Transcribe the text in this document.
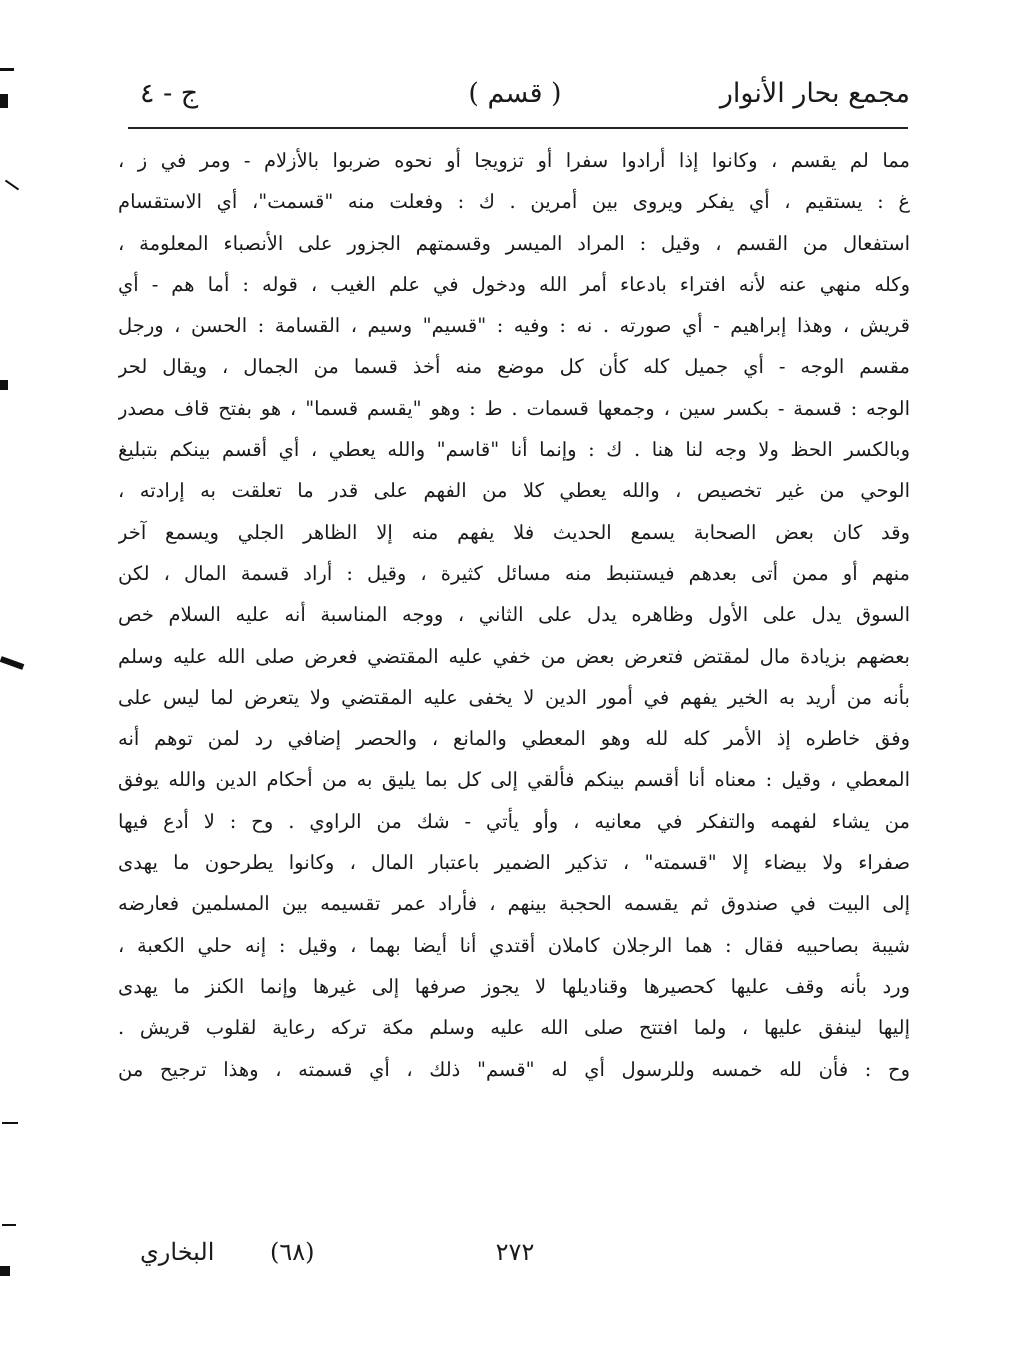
مجمع بحار الأنوار
( قسم )
ج - ٤
مما لم يقسم ، وكانوا إذا أرادوا سفرا أو تزويجا أو نحوه ضربوا بالأزلام - ومر في ز ،
غ : يستقيم ، أي يفكر ويروى بين أمرين . ك : وفعلت منه "قسمت"، أي الاستقسام
استفعال من القسم ، وقيل : المراد الميسر وقسمتهم الجزور على الأنصباء المعلومة ،
وكله منهي عنه لأنه افتراء بادعاء أمر الله ودخول في علم الغيب ، قوله : أما هم - أي
قريش ، وهذا إبراهيم - أي صورته . نه : وفيه : "قسيم" وسيم ، القسامة : الحسن ، ورجل
مقسم الوجه - أي جميل كله كأن كل موضع منه أخذ قسما من الجمال ، ويقال لحر
الوجه : قسمة - بكسر سين ، وجمعها قسمات . ط : وهو "يقسم قسما" ، هو بفتح قاف مصدر
وبالكسر الحظ ولا وجه لنا هنا . ك : وإنما أنا "قاسم" والله يعطي ، أي أقسم بينكم بتبليغ
الوحي من غير تخصيص ، والله يعطي كلا من الفهم على قدر ما تعلقت به إرادته ،
وقد كان بعض الصحابة يسمع الحديث فلا يفهم منه إلا الظاهر الجلي ويسمع آخر
منهم أو ممن أتى بعدهم فيستنبط منه مسائل كثيرة ، وقيل : أراد قسمة المال ، لكن
السوق يدل على الأول وظاهره يدل على الثاني ، ووجه المناسبة أنه عليه السلام خص
بعضهم بزيادة مال لمقتض فتعرض بعض من خفي عليه المقتضي فعرض صلى الله عليه وسلم
بأنه من أريد به الخير يفهم في أمور الدين لا يخفى عليه المقتضي ولا يتعرض لما ليس على
وفق خاطره إذ الأمر كله لله وهو المعطي والمانع ، والحصر إضافي رد لمن توهم أنه
المعطي ، وقيل : معناه أنا أقسم بينكم فألقي إلى كل بما يليق به من أحكام الدين والله يوفق
من يشاء لفهمه والتفكر في معانيه ، وأو يأتي - شك من الراوي . وح : لا أدع فيها
صفراء ولا بيضاء إلا "قسمته" ، تذكير الضمير باعتبار المال ، وكانوا يطرحون ما يهدى
إلى البيت في صندوق ثم يقسمه الحجبة بينهم ، فأراد عمر تقسيمه بين المسلمين فعارضه
شيبة بصاحبيه فقال : هما الرجلان كاملان أقتدي أنا أيضا بهما ، وقيل : إنه حلي الكعبة ،
ورد بأنه وقف عليها كحصيرها وقناديلها لا يجوز صرفها إلى غيرها وإنما الكنز ما يهدى
إليها لينفق عليها ، ولما افتتح صلى الله عليه وسلم مكة تركه رعاية لقلوب قريش .
وح : فأن لله خمسه وللرسول أي له "قسم" ذلك ، أي قسمته ، وهذا ترجيح من
٢٧٢
(٦٨)
البخاري
